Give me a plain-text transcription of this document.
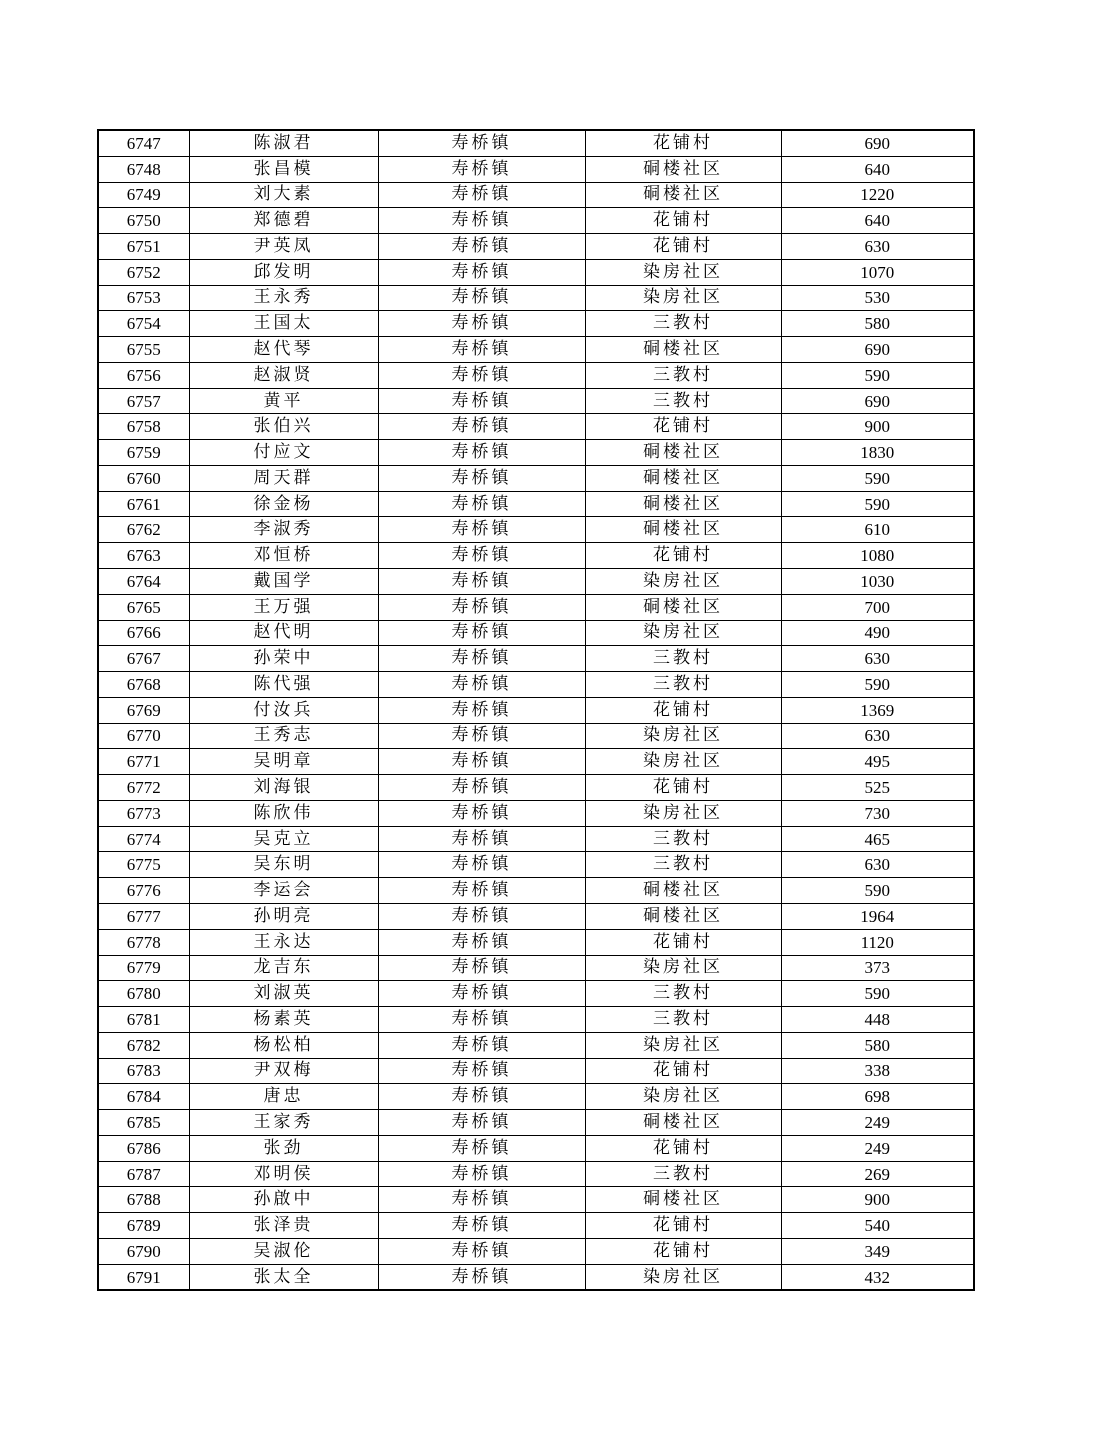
6747	陈淑君	寿桥镇	花铺村	690
6748	张昌模	寿桥镇	硐楼社区	640
6749	刘大素	寿桥镇	硐楼社区	1220
6750	郑德碧	寿桥镇	花铺村	640
6751	尹英凤	寿桥镇	花铺村	630
6752	邱发明	寿桥镇	染房社区	1070
6753	王永秀	寿桥镇	染房社区	530
6754	王国太	寿桥镇	三教村	580
6755	赵代琴	寿桥镇	硐楼社区	690
6756	赵淑贤	寿桥镇	三教村	590
6757	黄平	寿桥镇	三教村	690
6758	张伯兴	寿桥镇	花铺村	900
6759	付应文	寿桥镇	硐楼社区	1830
6760	周天群	寿桥镇	硐楼社区	590
6761	徐金杨	寿桥镇	硐楼社区	590
6762	李淑秀	寿桥镇	硐楼社区	610
6763	邓恒桥	寿桥镇	花铺村	1080
6764	戴国学	寿桥镇	染房社区	1030
6765	王万强	寿桥镇	硐楼社区	700
6766	赵代明	寿桥镇	染房社区	490
6767	孙荣中	寿桥镇	三教村	630
6768	陈代强	寿桥镇	三教村	590
6769	付汝兵	寿桥镇	花铺村	1369
6770	王秀志	寿桥镇	染房社区	630
6771	吴明章	寿桥镇	染房社区	495
6772	刘海银	寿桥镇	花铺村	525
6773	陈欣伟	寿桥镇	染房社区	730
6774	吴克立	寿桥镇	三教村	465
6775	吴东明	寿桥镇	三教村	630
6776	李运会	寿桥镇	硐楼社区	590
6777	孙明亮	寿桥镇	硐楼社区	1964
6778	王永达	寿桥镇	花铺村	1120
6779	龙吉东	寿桥镇	染房社区	373
6780	刘淑英	寿桥镇	三教村	590
6781	杨素英	寿桥镇	三教村	448
6782	杨松柏	寿桥镇	染房社区	580
6783	尹双梅	寿桥镇	花铺村	338
6784	唐忠	寿桥镇	染房社区	698
6785	王家秀	寿桥镇	硐楼社区	249
6786	张劲	寿桥镇	花铺村	249
6787	邓明侯	寿桥镇	三教村	269
6788	孙啟中	寿桥镇	硐楼社区	900
6789	张泽贵	寿桥镇	花铺村	540
6790	吴淑伦	寿桥镇	花铺村	349
6791	张太全	寿桥镇	染房社区	432
